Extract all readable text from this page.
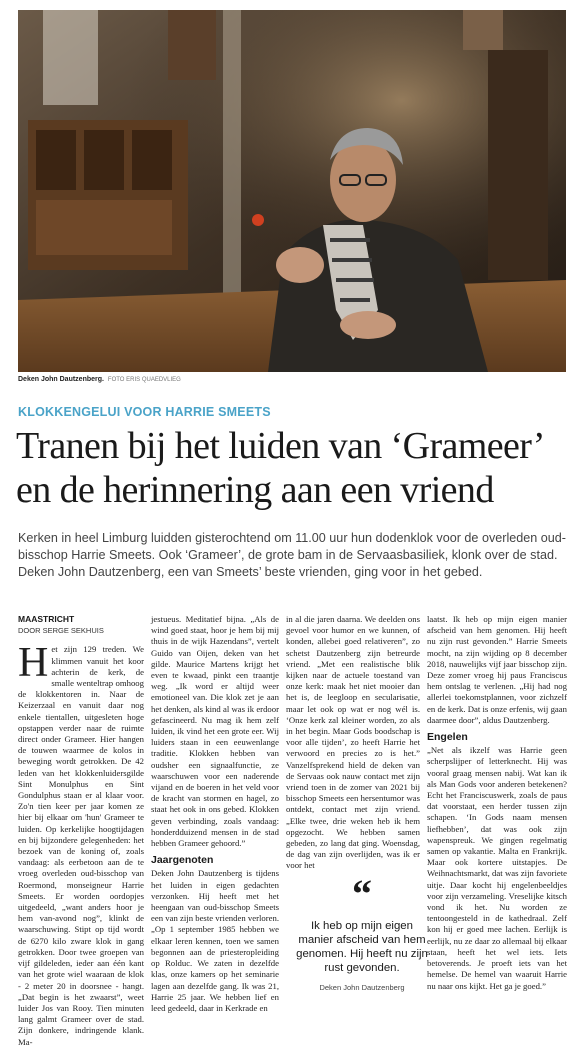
Deken John Dautzenberg. FOTO ERIS QUAEDVLIEG
KLOKKENGELUI VOOR HARRIE SMEETS
Tranen bij het luiden van ‘Grameer’
en de herinnering aan een vriend

Kerken in heel Limburg luidden gisterochtend om 11.00 uur hun dodenklok voor de overleden oud-bisschop Harrie Smeets. Ook ‘Grameer’, de grote bam in de Servaasbasiliek, klonk over de stad. Deken John Dautzenberg, een van Smeets’ beste vrienden, ging voor in het gebed.

MAASTRICHT

DOOR SERGE SEKHUIS

Het zijn 129 treden. We klimmen vanuit het koor achterin de kerk, de smalle wenteltrap omhoog de klokkentoren in. Naar de Keizerzaal en vanuit daar nog enkele tientallen, uitgesleten hoge opstappen verder naar de ruimte direct onder Grameer. Hier hangen de touwen waarmee de kolos in beweging wordt getrokken. De 42 leden van het klokkenluidersgilde Sint Monulphus en Sint Gondulphus staan er al klaar voor. Zo'n tien keer per jaar komen ze hier bij elkaar om 'hun' Grameer te luiden. Op kerkelijke hoogtijdagen en bij bijzondere gelegenheden: het bezoek van de koning of, zoals vandaag: als eerbetoon aan de te vroeg overleden oud-bisschop van Roermond, monseigneur Harrie Smeets. Er worden oordopjes uitgedeeld, „want anders hoor je hem van-avond nog”, klinkt de waarschuwing. Stipt op tijd wordt de 6270 kilo zware klok in gang getrokken. Door twee groepen van vijf gildeleden, ieder aan één kant van het grote wiel waaraan de klok - 2 meter 20 in doorsnee - hangt. „Dat begin is het zwaarst”, weet luider Jos van Rooy. Tien minuten lang galmt Grameer over de stad. Zijn donkere, indringende klank. Ma-

jestueus. Meditatief bijna. „Als de wind goed staat, hoor je hem bij mij thuis in de wijk Hazendans”, vertelt Guido van Oijen, deken van het gilde. Maurice Martens krijgt het even te kwaad, pinkt een traantje weg. „Ik word er altijd weer emotioneel van. Die klok zet je aan het denken, als kind al was ik erdoor gefascineerd. Nu mag ik hem zelf luiden, ik vind het een grote eer. Wij luiders staan in een eeuwenlange traditie. Klokken hebben van oudsher een signaalfunctie, ze waarschuwen voor een naderende vijand en de boeren in het veld voor de kracht van stormen en hagel, zo staat het ook in ons gebed. Klokken geven verbinding, zoals vandaag: honderdduizend mensen in de stad hebben Grameer gehoord.”

Jaargenoten

Deken John Dautzenberg is tijdens het luiden in eigen gedachten verzonken. Hij heeft met het heengaan van oud-bisschop Smeets een van zijn beste vrienden verloren. „Op 1 september 1985 hebben we elkaar leren kennen, toen we samen begonnen aan de priesteropleiding op Rolduc. We zaten in dezelfde klas, onze kamers op het seminarie lagen aan dezelfde gang. Ik was 21, Harrie 25 jaar. We hebben lief en leed gedeeld, daar in Kerkrade en

in al die jaren daarna. We deelden ons gevoel voor humor en we kunnen, of konden, allebei goed relativeren”, zo schetst Dautzenberg zijn betreurde vriend. „Met een realistische blik kijken naar de actuele toestand van onze kerk: maak het niet mooier dan het is, de leegloop en secularisatie, maar let ook op wat er nog wél is. ‘Onze kerk zal kleiner worden, zo als in het begin. Maar Gods boodschap is voor alle tijden’, zo heeft Harrie het verwoord en precies zo is het.” Vanzelfsprekend hield de deken van de Servaas ook nauw contact met zijn vriend toen in de zomer van 2021 bij bisschop Smeets een hersentumor was ontdekt, contact met zijn vriend. „Elke twee, drie weken heb ik hem opgezocht. We hebben samen gebeden, zo lang dat ging. Woensdag, de dag van zijn overlijden, was ik er voor het

“
Ik heb op mijn eigen manier afscheid van hem genomen. Hij heeft nu zijn rust gevonden.
Deken John Dautzenberg

laatst. Ik heb op mijn eigen manier afscheid van hem genomen. Hij heeft nu zijn rust gevonden.” Harrie Smeets mocht, na zijn wijding op 8 december 2018, nauwelijks vijf jaar bisschop zijn. Deze zomer vroeg hij paus Franciscus hem ontslag te verlenen. „Hij had nog allerlei toekomstplannen, voor zichzelf en de kerk. Dat is onze erfenis, wij gaan daarmee door”, aldus Dautzenberg.

Engelen

„Net als ikzelf was Harrie geen scherpslijper of letterknecht. Hij was vooral graag mensen nabij. Wat kan ik als Man Gods voor anderen betekenen? Echt het Franciscuswerk, zoals de paus dat voorstaat, een herder tussen zijn schapen. ‘In Gods naam mensen liefhebben’, dat was ook zijn wapenspreuk. We gingen regelmatig samen op vakantie. Malta en Frankrijk. Maar ook kortere uitstapjes. De Weihnachtsmarkt, dat was zijn favoriete uitje. Daar kocht hij engelenbeeldjes voor zijn verzameling. Vreselijke kitsch vond ik het. Nu worden ze tentoongesteld in de kathedraal. Zelf kon hij er goed mee lachen. Eerlijk is eerlijk, nu ze daar zo allemaal bij elkaar staan, heeft het wel iets. Iets betoverends. Je proeft iets van het hemelse. De hemel van waaruit Harrie nu naar ons kijkt. Het ga je goed.”
